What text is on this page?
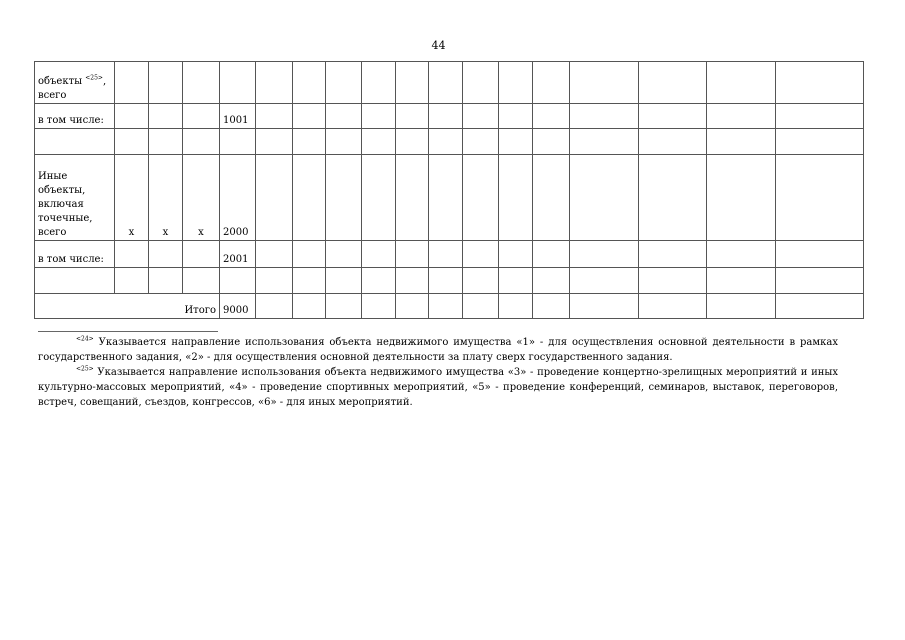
44
объекты $^{<25>}$, всего																	
в том числе:				1001													

Иные объекты, включая точечные, всего	х	х	х	2000													
в том числе:				2001													

Итого				9000													

$^{<24>}$ Указывается направление использования объекта недвижимого имущества «1» - для осуществления основной деятельности в рамках государственного задания, «2» - для осуществления основной деятельности за плату сверх государственного задания.

$^{<25>}$ Указывается направление использования объекта недвижимого имущества «3» - проведение концертно-зрелищных мероприятий и иных культурно-массовых мероприятий, «4» - проведение спортивных мероприятий, «5» - проведение конференций, семинаров, выставок, переговоров, встреч, совещаний, съездов, конгрессов, «6» - для иных мероприятий.
